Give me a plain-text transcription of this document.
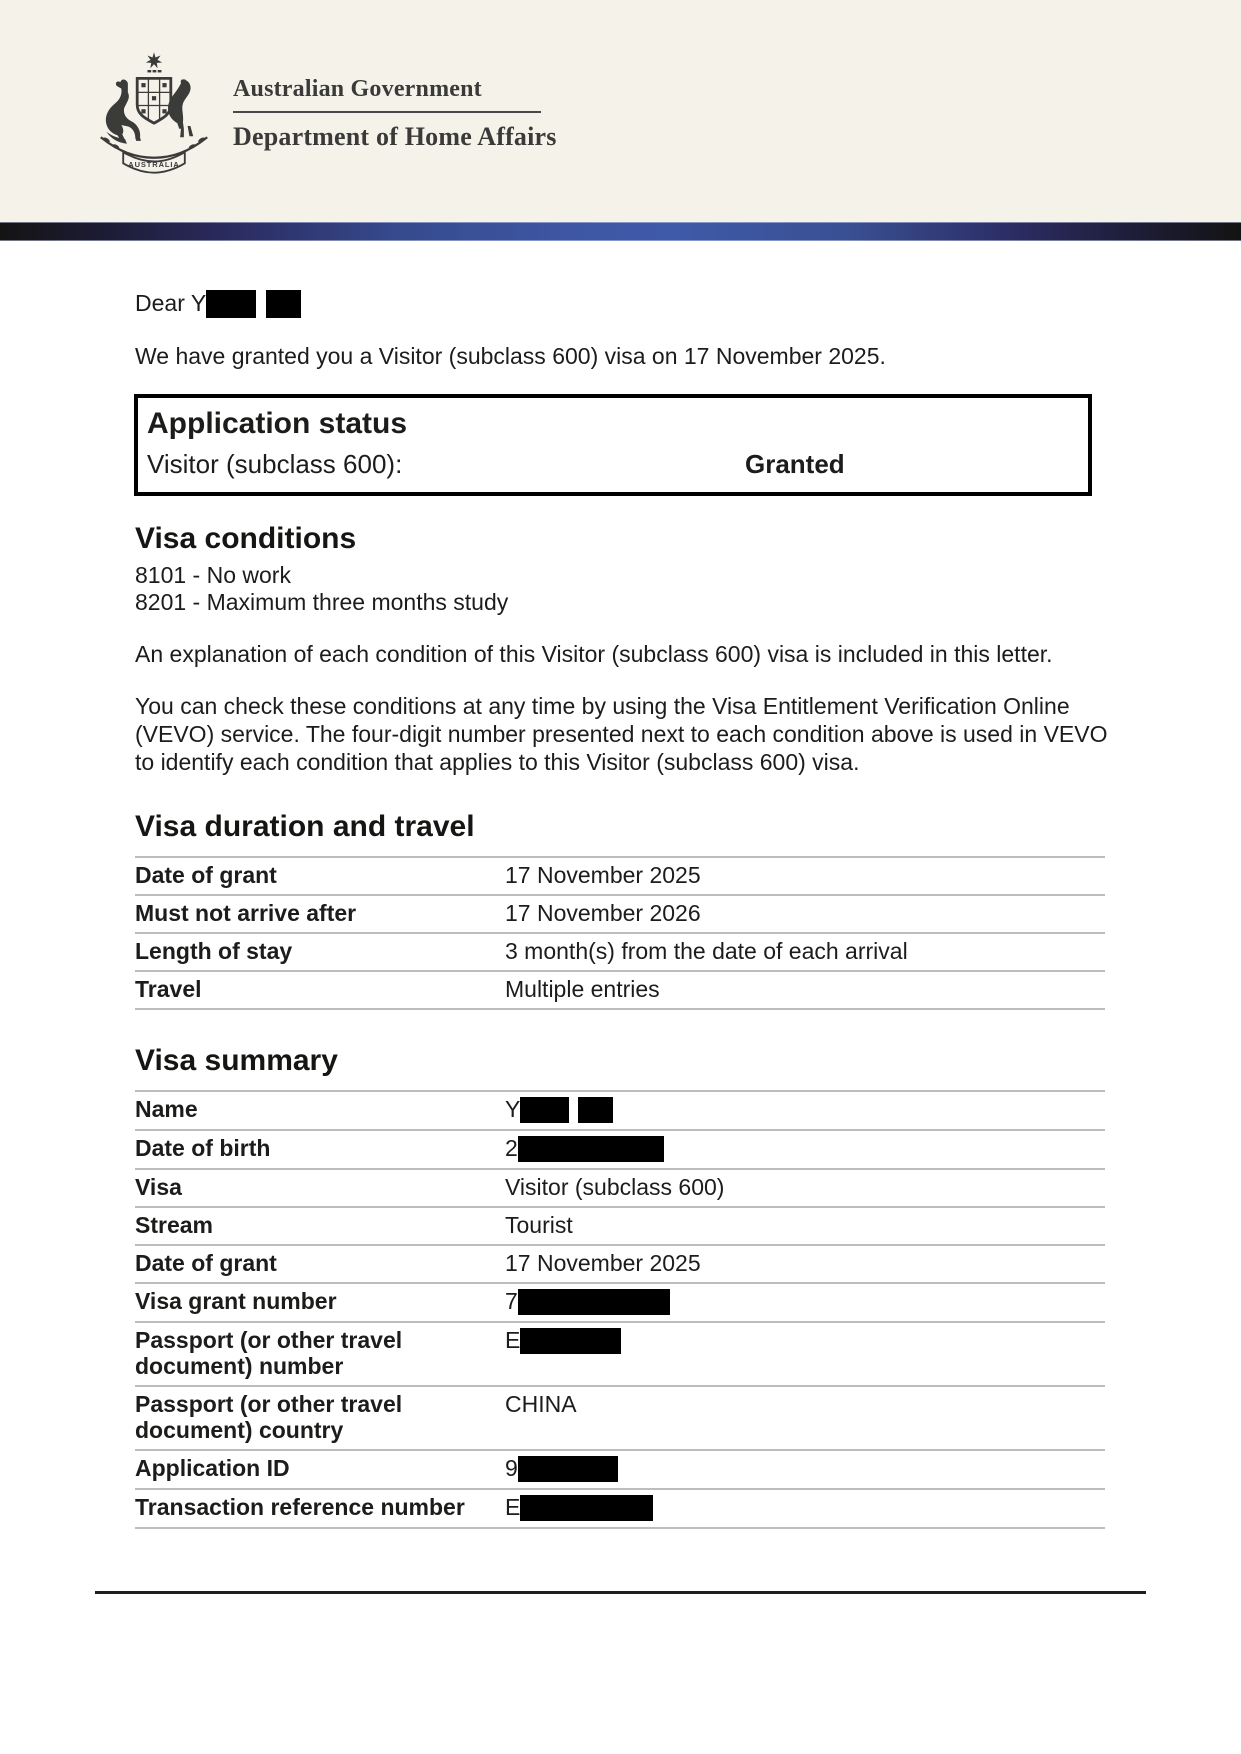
AUSTRALIA
Australian Government
Department of Home Affairs
Dear Y
We have granted you a Visitor (subclass 600) visa on 17 November 2025.
Application status
Visitor (subclass 600):	Granted
Visa conditions
8101 - No work
8201 - Maximum three months study
An explanation of each condition of this Visitor (subclass 600) visa is included in this letter.
You can check these conditions at any time by using the Visa Entitlement Verification Online (VEVO) service. The four-digit number presented next to each condition above is used in VEVO to identify each condition that applies to this Visitor (subclass 600) visa.
Visa duration and travel
Date of grant	17 November 2025
Must not arrive after	17 November 2026
Length of stay	3 month(s) from the date of each arrival
Travel	Multiple entries
Visa summary
Name	Y
Date of birth	2
Visa	Visitor (subclass 600)
Stream	Tourist
Date of grant	17 November 2025
Visa grant number	7

Passport (or other travel
document) number	E

Passport (or other travel
document) country	CHINA
Application ID	9
Transaction reference number	E
